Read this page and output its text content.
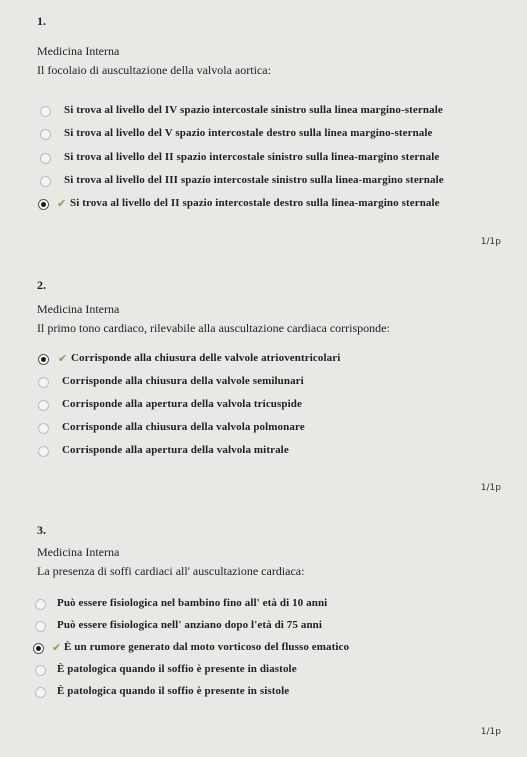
1.
Medicina Interna
Il focolaio di auscultazione della valvola aortica:
Si trova al livello del IV spazio intercostale sinistro sulla linea margino-sternale
Si trova al livello del V spazio intercostale destro sulla linea margino-sternale
Si trova al livello del II spazio intercostale sinistro sulla linea-margino sternale
Si trova al livello del III spazio intercostale sinistro sulla linea-margino sternale
✔ Si trova al livello del II spazio intercostale destro sulla linea-margino sternale
1/1p
2.
Medicina Interna
Il primo tono cardiaco, rilevabile alla auscultazione cardiaca corrisponde:
✔ Corrisponde alla chiusura delle valvole atrioventricolari
Corrisponde alla chiusura della valvole semilunari
Corrisponde alla apertura della valvola tricuspide
Corrisponde alla chiusura della valvola polmonare
Corrisponde alla apertura della valvola mitrale
1/1p
3.
Medicina Interna
La presenza di soffi cardiaci all' auscultazione cardiaca:
Può essere fisiologica nel bambino fino all' età di 10 anni
Può essere fisiologica nell' anziano dopo l'età di 75 anni
✔ È un rumore generato dal moto vorticoso del flusso ematico
È patologica quando il soffio è presente in diastole
È patologica quando il soffio è presente in sistole
1/1p
